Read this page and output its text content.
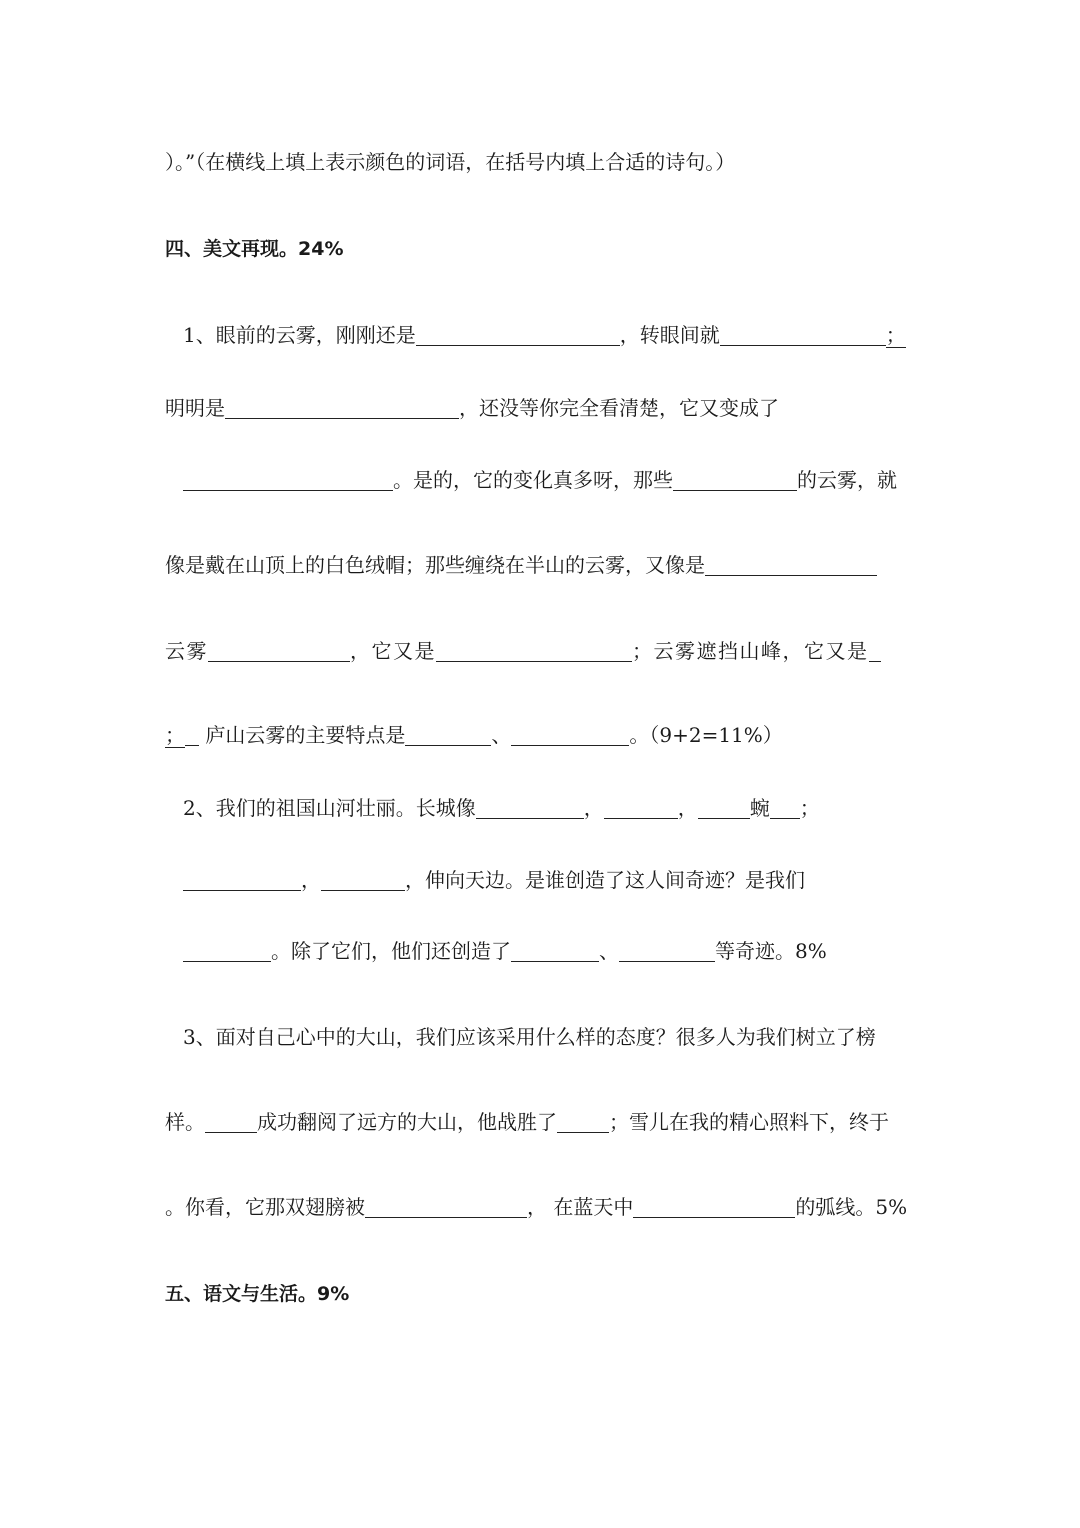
）。”（在横线上填上表示颜色的词语，在括号内填上合适的诗句。）
四、美文再现。24%
1、眼前的云雾，刚刚还是	，转眼间就	；
明明是	，还没等你完全看清楚，它又变成了
。是的，它的变化真多呀，那些	的云雾，就
像是戴在山顶上的白色绒帽；那些缠绕在半山的云雾，又像是
云雾	，它又是	；云雾遮挡山峰，它又是
； 庐山云雾的主要特点是	、	。（9+2=11%）
2、我们的祖国山河壮丽。长城像	，	，	蜿 ；
，	，伸向天边。是谁创造了这人间奇迹？是我们
。除了它们，他们还创造了	、	等奇迹。8%
3、面对自己心中的大山，我们应该采用什么样的态度？很多人为我们树立了榜
样。	成功翻阅了远方的大山，他战胜了	；雪儿在我的精心照料下，终于
。你看，它那双翅膀被	， 在蓝天中	的弧线。5%
五、语文与生活。9%
